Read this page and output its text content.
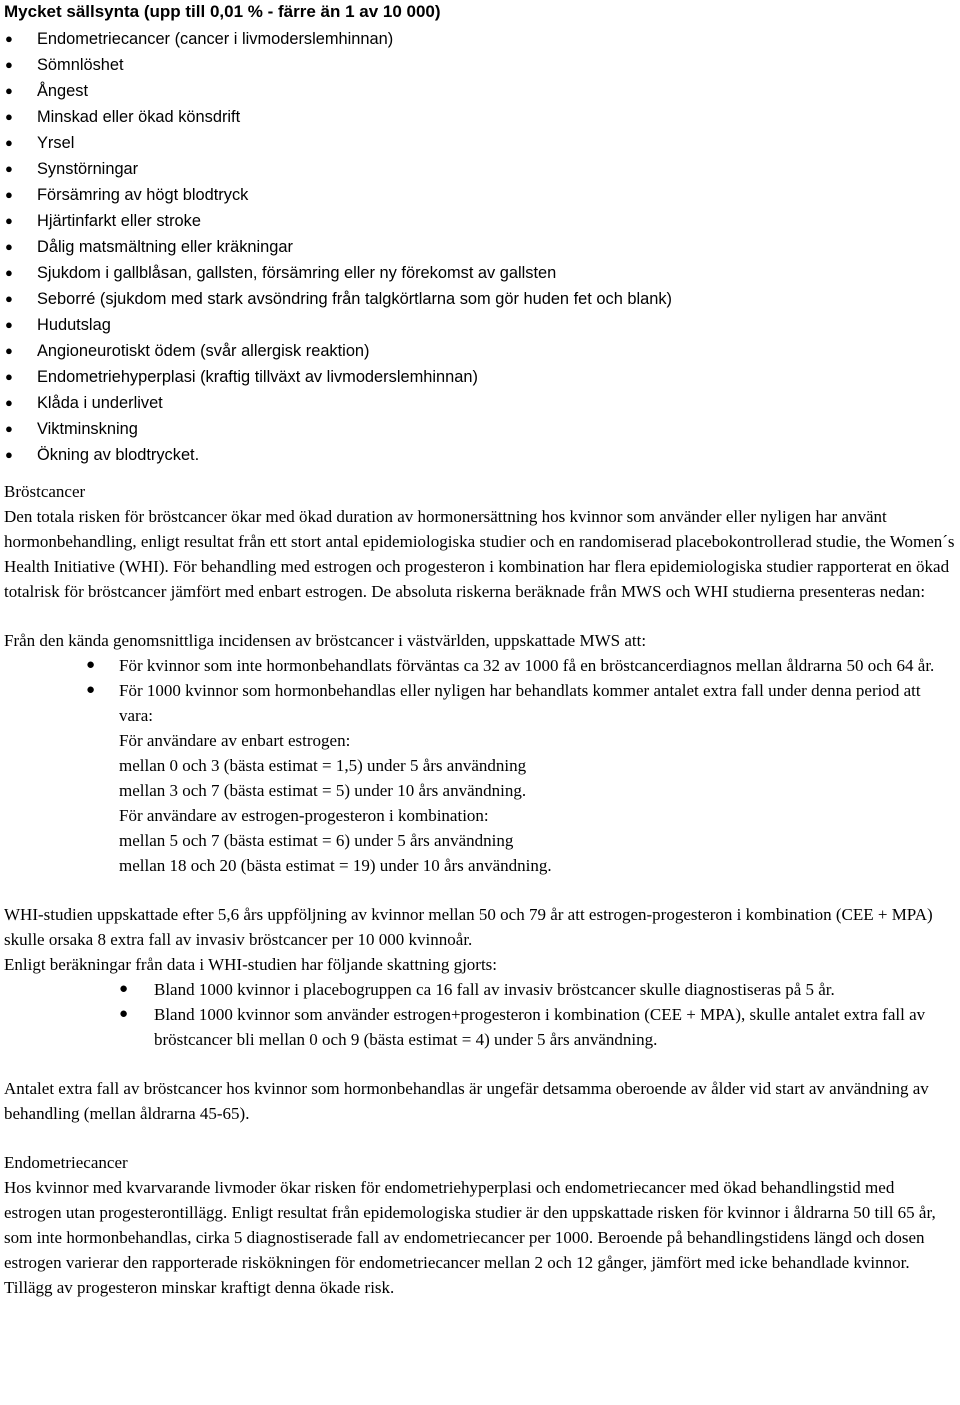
Mycket sällsynta (upp till 0,01 % - färre än 1 av 10 000)
● Endometriecancer (cancer i livmoderslemhinnan)
● Sömnlöshet
● Ångest
● Minskad eller ökad könsdrift
● Yrsel
● Synstörningar
● Försämring av högt blodtryck
● Hjärtinfarkt eller stroke
● Dålig matsmältning eller kräkningar
● Sjukdom i gallblåsan, gallsten, försämring eller ny förekomst av gallsten
● Seborré (sjukdom med stark avsöndring från talgkörtlarna som gör huden fet och blank)
● Hudutslag
● Angioneurotiskt ödem (svår allergisk reaktion)
● Endometriehyperplasi (kraftig tillväxt av livmoderslemhinnan)
● Klåda i underlivet
● Viktminskning
● Ökning av blodtrycket.

Bröstcancer

Den totala risken för bröstcancer ökar med ökad duration av hormonersättning hos kvinnor som använder eller nyligen har använt hormonbehandling, enligt resultat från ett stort antal epidemiologiska studier och en randomiserad placebokontrollerad studie, the Women´s Health Initiative (WHI). För behandling med estrogen och progesteron i kombination har flera epidemiologiska studier rapporterat en ökad totalrisk för bröstcancer jämfört med enbart estrogen. De absoluta riskerna beräknade från MWS och WHI studierna presenteras nedan:

Från den kända genomsnittliga incidensen av bröstcancer i västvärlden, uppskattade MWS att:

● För kvinnor som inte hormonbehandlats förväntas ca 32 av 1000 få en bröstcancerdiagnos mellan åldrarna 50 och 64 år.
● För 1000 kvinnor som hormonbehandlas eller nyligen har behandlats kommer antalet extra fall under denna period att vara:
För användare av enbart estrogen:
mellan 0 och 3 (bästa estimat = 1,5) under 5 års användning
mellan 3 och 7 (bästa estimat = 5) under 10 års användning.
För användare av estrogen-progesteron i kombination:
mellan 5 och 7 (bästa estimat = 6) under 5 års användning
mellan 18 och 20 (bästa estimat = 19) under 10 års användning.

WHI-studien uppskattade efter 5,6 års uppföljning av kvinnor mellan 50 och 79 år att estrogen-progesteron i kombination (CEE + MPA) skulle orsaka 8 extra fall av invasiv bröstcancer per 10 000 kvinnoår.

Enligt beräkningar från data i WHI-studien har följande skattning gjorts:

● Bland 1000 kvinnor i placebogruppen ca 16 fall av invasiv bröstcancer skulle diagnostiseras på 5 år.
● Bland 1000 kvinnor som använder estrogen+progesteron i kombination (CEE + MPA), skulle antalet extra fall av bröstcancer bli mellan 0 och 9 (bästa estimat = 4) under 5 års användning.

Antalet extra fall av bröstcancer hos kvinnor som hormonbehandlas är ungefär detsamma oberoende av ålder vid start av användning av behandling (mellan åldrarna 45-65).

Endometriecancer

Hos kvinnor med kvarvarande livmoder ökar risken för endometriehyperplasi och endometriecancer med ökad behandlingstid med estrogen utan progesterontillägg. Enligt resultat från epidemologiska studier är den uppskattade risken för kvinnor i åldrarna 50 till 65 år, som inte hormonbehandlas, cirka 5 diagnostiserade fall av endometriecancer per 1000. Beroende på behandlingstidens längd och dosen estrogen varierar den rapporterade riskökningen för endometriecancer mellan 2 och 12 gånger, jämfört med icke behandlade kvinnor. Tillägg av progesteron minskar kraftigt denna ökade risk.
